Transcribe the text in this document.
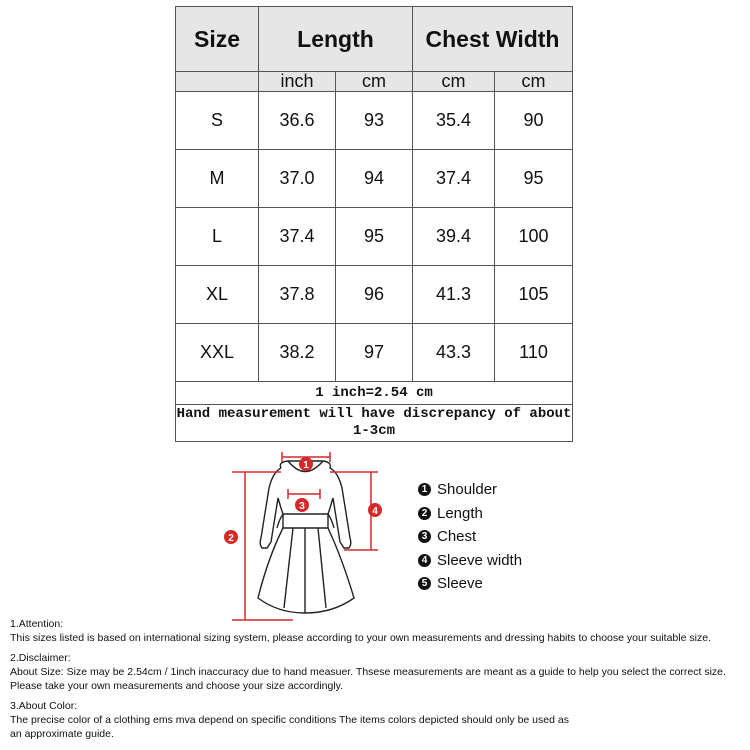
Size	Length		Chest Width	
	inch	cm	cm	cm
S	36.6	93	35.4	90
M	37.0	94	37.4	95
L	37.4	95	39.4	100
XL	37.8	96	41.3	105
XXL	38.2	97	43.3	110
1 inch=2.54 cm				
Hand measurement will have discrepancy of about 1-3cm				
1
2
3	4
1 Shoulder
2 Length
3 Chest
4 Sleeve width
5 Sleeve

1.Attention:

This sizes listed is based on international sizing system, please according to your own measurements and dressing habits to choose your suitable size.

2.Disclaimer:

About Size: Size may be 2.54cm / 1inch inaccuracy due to hand measuer. Thsese measurements are meant as a guide to help you select the correct size.

Please take your own measurements and choose your size accordingly.

3.About Color:

The precise color of a clothing ems mva depend on specific conditions The items colors depicted should only be used as

an approximate guide.
